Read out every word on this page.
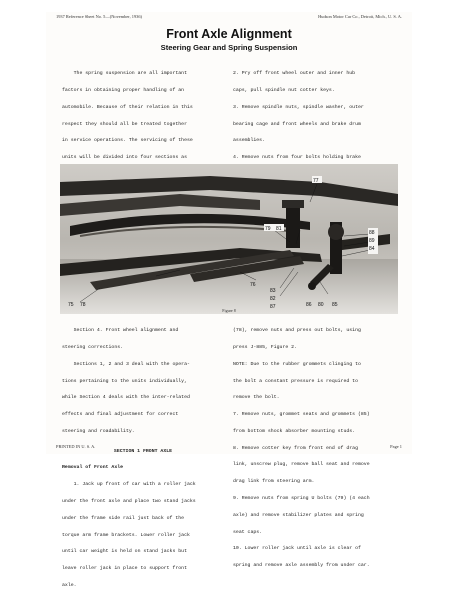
1937 Reference Sheet No. 5—(November, 1936)	Hudson Motor Car Co., Detroit, Mich., U. S. A.
Front Axle Alignment
Steering Gear and Spring Suspension

The spring suspension are all important

factors in obtaining proper handling of an

automobile. Because of their relation in this

respect they should all be treated together

in service operations. The servicing of these

units will be divided into four sections as

2. Pry off front wheel outer and inner hub

caps, pull spindle nut cotter keys.

3. Remove spindle nuts, spindle washer, outer

bearing cage and front wheels and brake drum

assemblies.

4. Remove nuts from four bolts holding brake

77
79 81
88
89
84
76
75 78
83
82
87	86 80 85
Figure 8

Section 4. Front wheel alignment and

steering corrections.

Sections 1, 2 and 3 deal with the opera-

tions pertaining to the units individually,

while Section 4 deals with the inter-related

effects and final adjustment for correct

steering and roadability.

SECTION 1 FRONT AXLE

Removal of Front Axle

1. Jack up front of car with a roller jack

under the front axle and place two stand jacks

under the frame side rail just back of the

torque arm frame brackets. Lower roller jack

until car weight is held on stand jacks but

leave roller jack in place to support front

axle.

(78), remove nuts and press out bolts, using

press J-885, Figure 2.

NOTE: Due to the rubber grommets clinging to

the bolt a constant pressure is required to

remove the bolt.

7. Remove nuts, grommet seats and grommets (85)

from bottom shock absorber mounting studs.

8. Remove cotter key from front end of drag

link, unscrew plug, remove ball seat and remove

drag link from steering arm.

9. Remove nuts from spring U bolts (79) (4 each

axle) and remove stabilizer plates and spring

seat caps.

10. Lower roller jack until axle is clear of

spring and remove axle assembly from under car.

PRINTED IN U. S. A.	Page 1
